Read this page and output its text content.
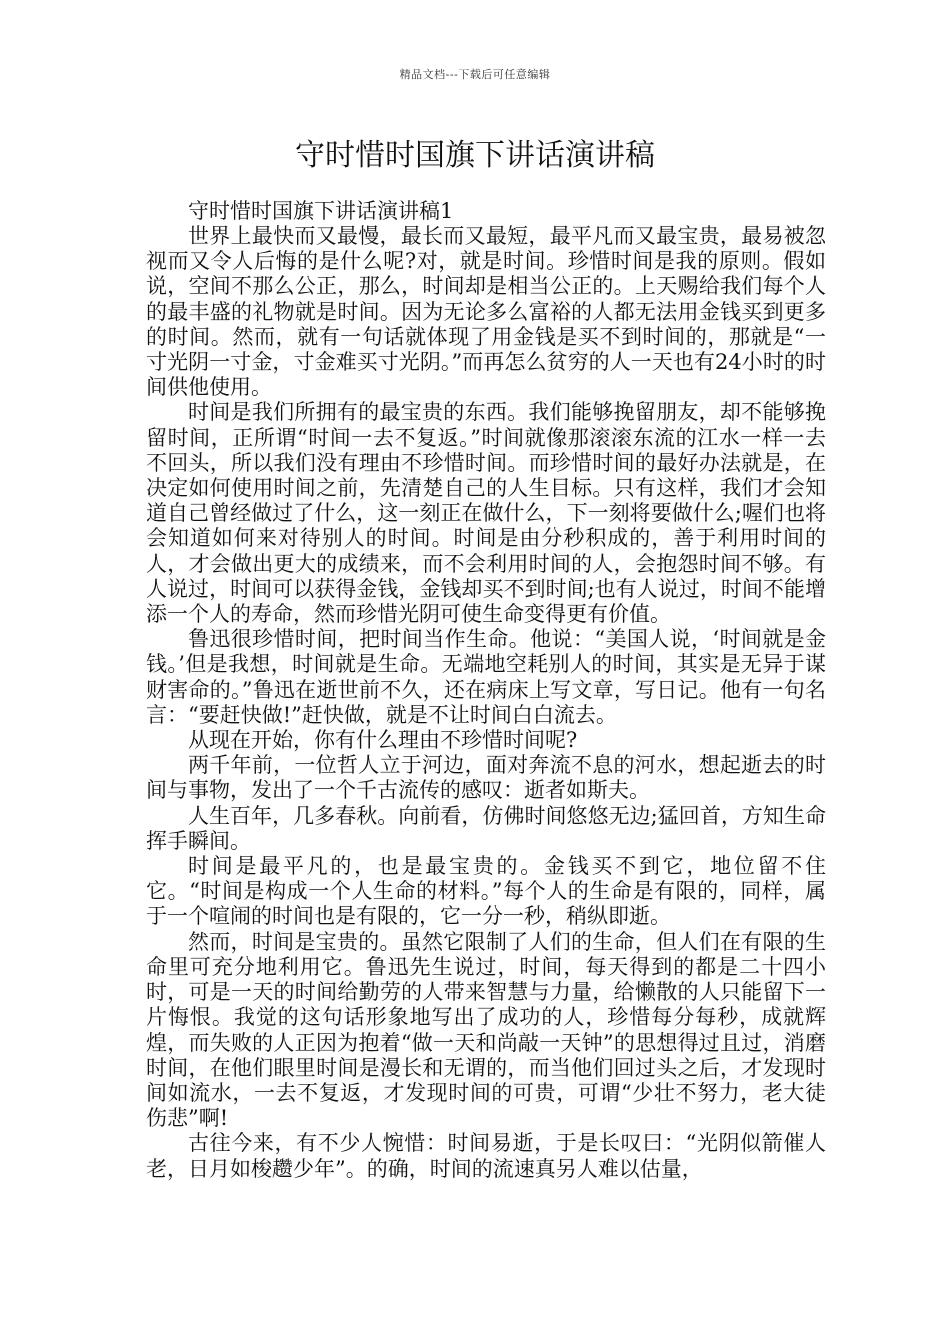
精品文档---下载后可任意编辑
守时惜时国旗下讲话演讲稿

守时惜时国旗下讲话演讲稿1

世界上最快而又最慢，最长而又最短，最平凡而又最宝贵，最易被忽视而又令人后悔的是什么呢?对，就是时间。珍惜时间是我的原则。假如说，空间不那么公正，那么，时间却是相当公正的。上天赐给我们每个人的最丰盛的礼物就是时间。因为无论多么富裕的人都无法用金钱买到更多的时间。然而，就有一句话就体现了用金钱是买不到时间的，那就是“一寸光阴一寸金，寸金难买寸光阴。”而再怎么贫穷的人一天也有24小时的时间供他使用。

时间是我们所拥有的最宝贵的东西。我们能够挽留朋友，却不能够挽留时间，正所谓“时间一去不复返。”时间就像那滚滚东流的江水一样一去不回头，所以我们没有理由不珍惜时间。而珍惜时间的最好办法就是，在决定如何使用时间之前，先清楚自己的人生目标。只有这样，我们才会知道自己曾经做过了什么，这一刻正在做什么，下一刻将要做什么;喔们也将会知道如何来对待别人的时间。时间是由分秒积成的，善于利用时间的人，才会做出更大的成绩来，而不会利用时间的人，会抱怨时间不够。有人说过，时间可以获得金钱，金钱却买不到时间;也有人说过，时间不能增添一个人的寿命，然而珍惜光阴可使生命变得更有价值。

鲁迅很珍惜时间，把时间当作生命。他说：“美国人说，‘时间就是金钱。’但是我想，时间就是生命。无端地空耗别人的时间，其实是无异于谋财害命的。”鲁迅在逝世前不久，还在病床上写文章，写日记。他有一句名言：“要赶快做!”赶快做，就是不让时间白白流去。

从现在开始，你有什么理由不珍惜时间呢?

两千年前，一位哲人立于河边，面对奔流不息的河水，想起逝去的时间与事物，发出了一个千古流传的感叹：逝者如斯夫。

人生百年，几多春秋。向前看，仿佛时间悠悠无边;猛回首，方知生命挥手瞬间。

时间是最平凡的，也是最宝贵的。金钱买不到它，地位留不住它。“时间是构成一个人生命的材料。”每个人的生命是有限的，同样，属于一个喧闹的时间也是有限的，它一分一秒，稍纵即逝。

然而，时间是宝贵的。虽然它限制了人们的生命，但人们在有限的生命里可充分地利用它。鲁迅先生说过，时间，每天得到的都是二十四小时，可是一天的时间给勤劳的人带来智慧与力量，给懒散的人只能留下一片悔恨。我觉的这句话形象地写出了成功的人，珍惜每分每秒，成就辉煌，而失败的人正因为抱着“做一天和尚敲一天钟”的思想得过且过，消磨时间，在他们眼里时间是漫长和无谓的，而当他们回过头之后，才发现时间如流水，一去不复返，才发现时间的可贵，可谓“少壮不努力，老大徒伤悲”啊!

古往今来，有不少人惋惜：时间易逝，于是长叹曰：“光阴似箭催人老，日月如梭趱少年”。的确，时间的流速真另人难以估量，
